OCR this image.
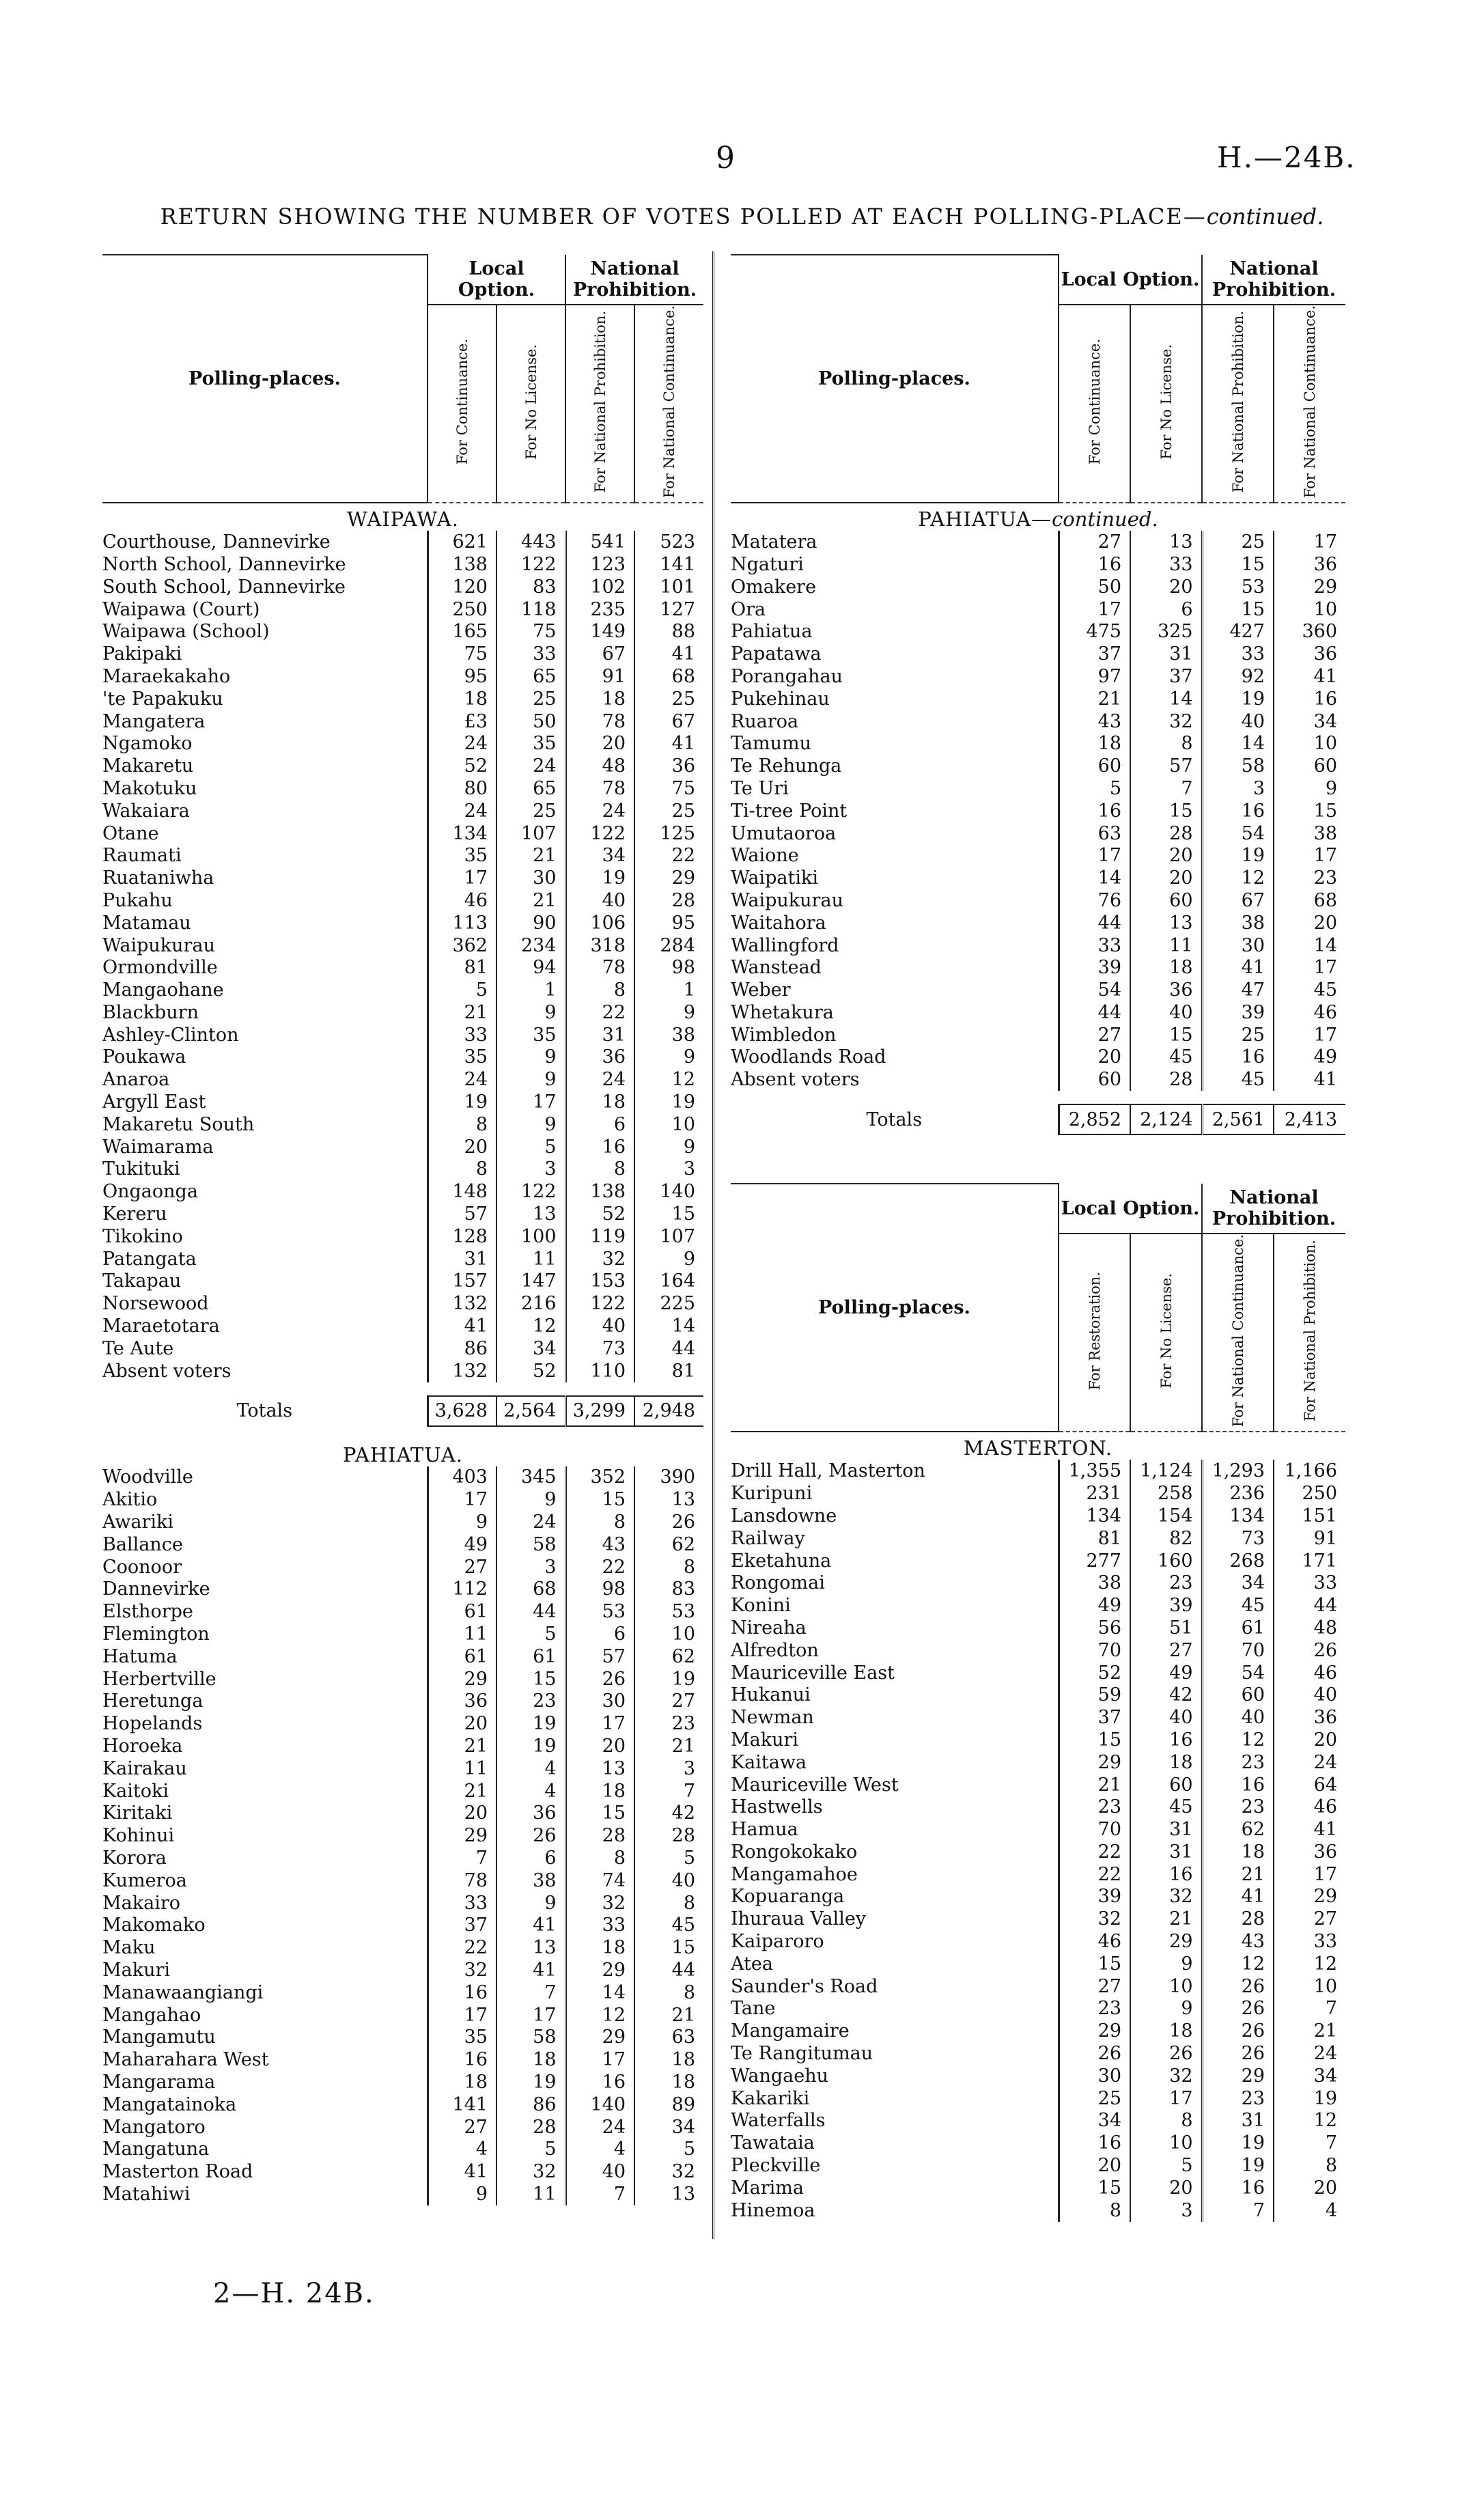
9	H.—24B.
RETURN SHOWING THE NUMBER OF VOTES POLLED AT EACH POLLING-PLACE—continued.
Polling-places.	Local Option.		National Prohibition.	
	For Continuance.	For No License.	For National Prohibition.	For National Continuance.
WAIPAWA.				
Courthouse, Dannevirke	621	443	541	523
North School, Dannevirke	138	122	123	141
South School, Dannevirke	120	83	102	101
Waipawa (Court)	250	118	235	127
Waipawa (School)	165	75	149	88
Pakipaki	75	33	67	41
Maraekakaho	95	65	91	68
'te Papakuku	18	25	18	25
Mangatera	£3	50	78	67
Ngamoko	24	35	20	41
Makaretu	52	24	48	36
Makotuku	80	65	78	75
Wakaiara	24	25	24	25
Otane	134	107	122	125
Raumati	35	21	34	22
Ruataniwha	17	30	19	29
Pukahu	46	21	40	28
Matamau	113	90	106	95
Waipukurau	362	234	318	284
Ormondville	81	94	78	98
Mangaohane	5	1	8	1
Blackburn	21	9	22	9
Ashley-Clinton	33	35	31	38
Poukawa	35	9	36	9
Anaroa	24	9	24	12
Argyll East	19	17	18	19
Makaretu South	8	9	6	10
Waimarama	20	5	16	9
Tukituki	8	3	8	3
Ongaonga	148	122	138	140
Kereru	57	13	52	15
Tikokino	128	100	119	107
Patangata	31	11	32	9
Takapau	157	147	153	164
Norsewood	132	216	122	225
Maraetotara	41	12	40	14
Te Aute	86	34	73	44
Absent voters	132	52	110	81

Totals	3,628	2,564	3,299	2,948
PAHIATUA.				
Woodville	403	345	352	390
Akitio	17	9	15	13
Awariki	9	24	8	26
Ballance	49	58	43	62
Coonoor	27	3	22	8
Dannevirke	112	68	98	83
Elsthorpe	61	44	53	53
Flemington	11	5	6	10
Hatuma	61	61	57	62
Herbertville	29	15	26	19
Heretunga	36	23	30	27
Hopelands	20	19	17	23
Horoeka	21	19	20	21
Kairakau	11	4	13	3
Kaitoki	21	4	18	7
Kiritaki	20	36	15	42
Kohinui	29	26	28	28
Korora	7	6	8	5
Kumeroa	78	38	74	40
Makairo	33	9	32	8
Makomako	37	41	33	45
Maku	22	13	18	15
Makuri	32	41	29	44
Manawaangiangi	16	7	14	8
Mangahao	17	17	12	21
Mangamutu	35	58	29	63
Maharahara West	16	18	17	18
Mangarama	18	19	16	18
Mangatainoka	141	86	140	89
Mangatoro	27	28	24	34
Mangatuna	4	5	4	5
Masterton Road	41	32	40	32
Matahiwi	9	11	7	13
Polling-places.	Local Option.		National Prohibition.	
	For Continuance.	For No License.	For National Prohibition.	For National Continuance.
PAHIATUA—continued.				
Matatera	27	13	25	17
Ngaturi	16	33	15	36
Omakere	50	20	53	29
Ora	17	6	15	10
Pahiatua	475	325	427	360
Papatawa	37	31	33	36
Porangahau	97	37	92	41
Pukehinau	21	14	19	16
Ruaroa	43	32	40	34
Tamumu	18	8	14	10
Te Rehunga	60	57	58	60
Te Uri	5	7	3	9
Ti-tree Point	16	15	16	15
Umutaoroa	63	28	54	38
Waione	17	20	19	17
Waipatiki	14	20	12	23
Waipukurau	76	60	67	68
Waitahora	44	13	38	20
Wallingford	33	11	30	14
Wanstead	39	18	41	17
Weber	54	36	47	45
Whetakura	44	40	39	46
Wimbledon	27	15	25	17
Woodlands Road	20	45	16	49
Absent voters	60	28	45	41

Totals	2,852	2,124	2,561	2,413
Polling-places.	Local Option.		National Prohibition.	
	For Restoration.	For No License.	For National Continuance.	For National Prohibition.
MASTERTON.				
Drill Hall, Masterton	1,355	1,124	1,293	1,166
Kuripuni	231	258	236	250
Lansdowne	134	154	134	151
Railway	81	82	73	91
Eketahuna	277	160	268	171
Rongomai	38	23	34	33
Konini	49	39	45	44
Nireaha	56	51	61	48
Alfredton	70	27	70	26
Mauriceville East	52	49	54	46
Hukanui	59	42	60	40
Newman	37	40	40	36
Makuri	15	16	12	20
Kaitawa	29	18	23	24
Mauriceville West	21	60	16	64
Hastwells	23	45	23	46
Hamua	70	31	62	41
Rongokokako	22	31	18	36
Mangamahoe	22	16	21	17
Kopuaranga	39	32	41	29
Ihuraua Valley	32	21	28	27
Kaiparoro	46	29	43	33
Atea	15	9	12	12
Saunder's Road	27	10	26	10
Tane	23	9	26	7
Mangamaire	29	18	26	21
Te Rangitumau	26	26	26	24
Wangaehu	30	32	29	34
Kakariki	25	17	23	19
Waterfalls	34	8	31	12
Tawataia	16	10	19	7
Pleckville	20	5	19	8
Marima	15	20	16	20
Hinemoa	8	3	7	4
2—H. 24B.
